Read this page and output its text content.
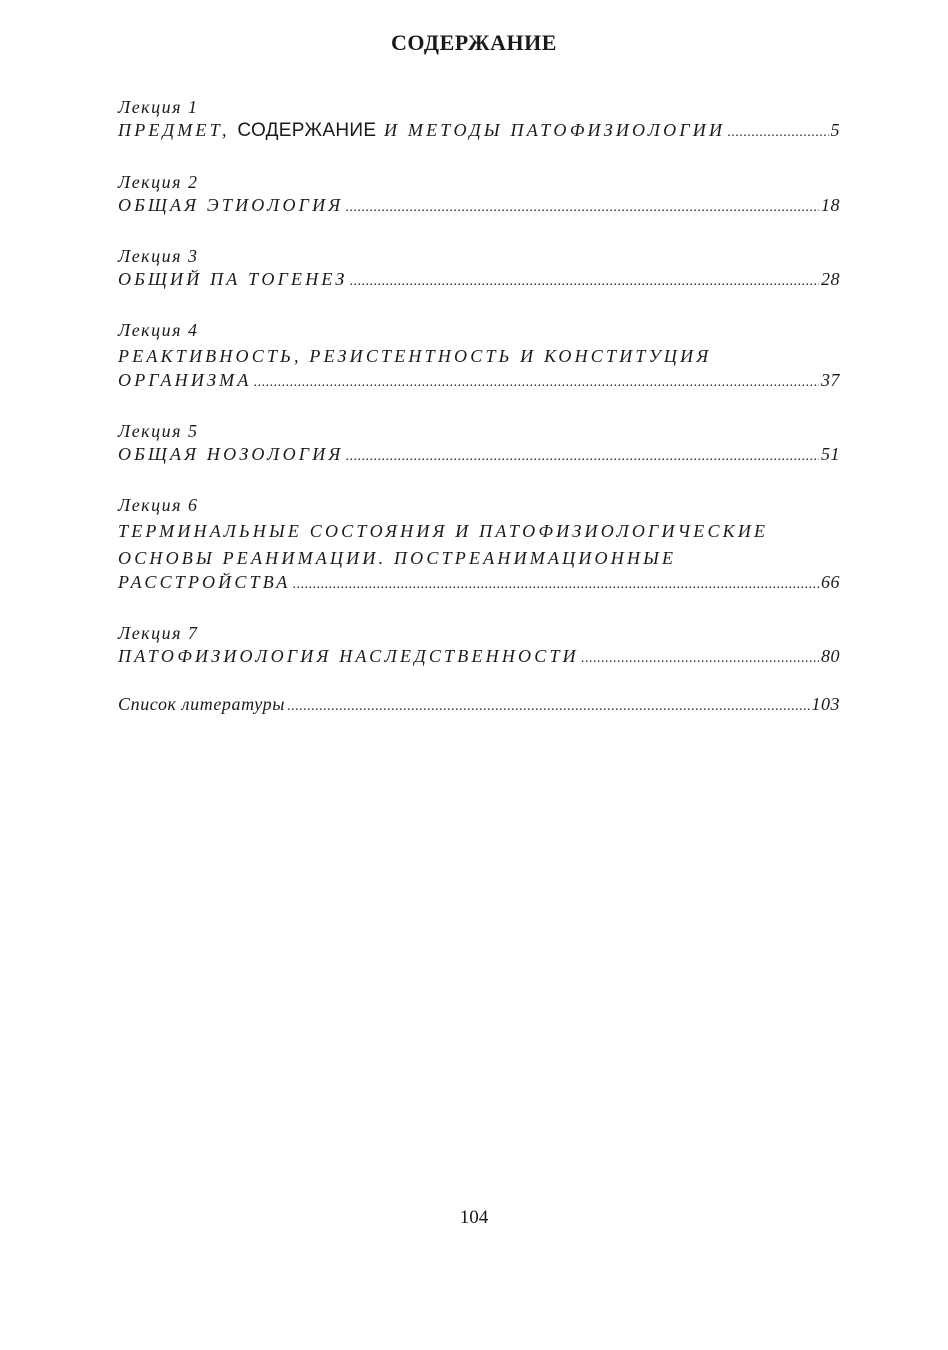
СОДЕРЖАНИЕ
Лекция 1
ПРЕДМЕТ, СОДЕРЖАНИЕ И МЕТОДЫ ПАТОФИЗИОЛОГИИ .....	5
Лекция 2
ОБЩАЯ ЭТИОЛОГИЯ .....	18
Лекция 3
ОБЩИЙ ПА ТОГЕНЕЗ .....	28
Лекция 4
РЕАКТИВНОСТЬ, РЕЗИСТЕНТНОСТЬ И КОНСТИТУЦИЯ
ОРГАНИЗМА .....	37
Лекция 5
ОБЩАЯ НОЗОЛОГИЯ .....	51
Лекция 6
ТЕРМИНАЛЬНЫЕ СОСТОЯНИЯ И ПАТОФИЗИОЛОГИЧЕСКИЕ
ОСНОВЫ РЕАНИМАЦИИ. ПОСТРЕАНИМАЦИОННЫЕ
РАССТРОЙСТВА .....	66
Лекция 7
ПАТОФИЗИОЛОГИЯ НАСЛЕДСТВЕННОСТИ .....	80
Список литературы .....	103
104
